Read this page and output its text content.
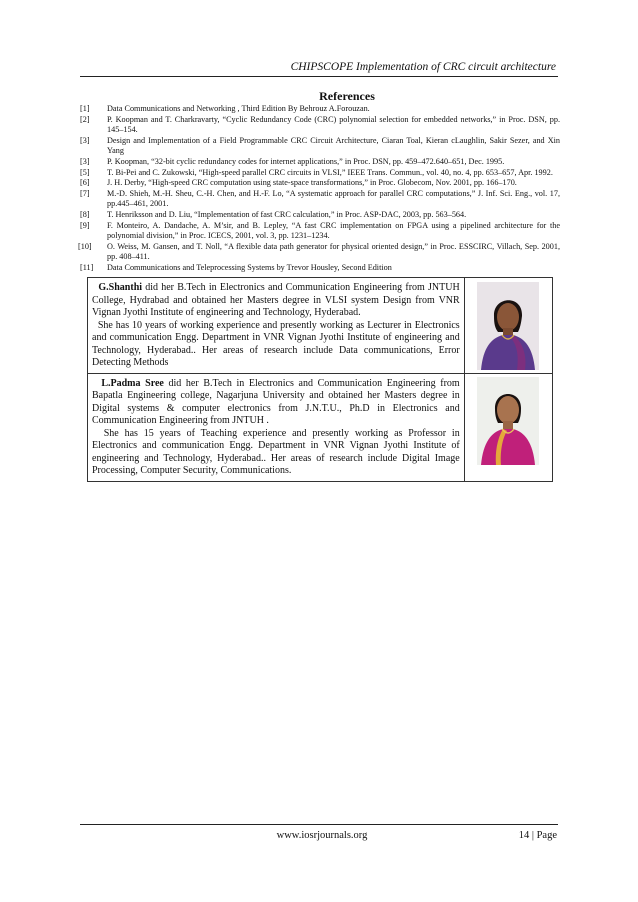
CHIPSCOPE Implementation of CRC circuit architecture
References

[1] Data Communications and Networking , Third Edition By Behrouz A.Forouzan.

[2] P. Koopman and T. Charkravarty, “Cyclic Redundancy Code (CRC) polynomial selection for embedded networks,” in Proc. DSN, pp. 145–154.

[3] Design and Implementation of a Field Programmable CRC Circuit Architecture, Ciaran Toal, Kieran cLaughlin, Sakir Sezer, and Xin Yang

[3] P. Koopman, “32-bit cyclic redundancy codes for internet applications,” in Proc. DSN, pp. 459–472.640–651, Dec. 1995.

[5] T. Bi-Pei and C. Zukowski, “High-speed parallel CRC circuits in VLSI,” IEEE Trans. Commun., vol. 40, no. 4, pp. 653–657, Apr. 1992.

[6] J. H. Derby, “High-speed CRC computation using state-space transformations,” in Proc. Globecom, Nov. 2001, pp. 166–170.

[7] M.-D. Shieh, M.-H. Sheu, C.-H. Chen, and H.-F. Lo, “A systematic approach for parallel CRC computations,” J. Inf. Sci. Eng., vol. 17, pp.445–461, 2001.

[8] T. Henriksson and D. Liu, “Implementation of fast CRC calculation,” in Proc. ASP-DAC, 2003, pp. 563–564.

[9] F. Monteiro, A. Dandache, A. M’sir, and B. Lepley, “A fast CRC implementation on FPGA using a pipelined architecture for the polynomial division,” in Proc. ICECS, 2001, vol. 3, pp. 1231–1234.

[10] O. Weiss, M. Gansen, and T. Noll, “A flexible data path generator for physical oriented design,” in Proc. ESSCIRC, Villach, Sep. 2001, pp. 408–411.

[11] Data Communications and Teleprocessing Systems by Trevor Housley, Second Edition

G.Shanthi did her B.Tech in Electronics and Communication Engineering from JNTUH College, Hydrabad and obtained her Masters degree in VLSI system Design from VNR Vignan Jyothi Institute of engineering and Technology, Hyderabad.

She has 10 years of working experience and presently working as Lecturer in Electronics and communication Engg. Department in VNR Vignan Jyothi Institute of engineering and Technology, Hyderabad.. Her areas of research include Data communications, Error Detecting Methods

L.Padma Sree did her B.Tech in Electronics and Communication Engineering from Bapatla Engineering college, Nagarjuna University and obtained her Masters degree in Digital systems & computer electronics from J.N.T.U., Ph.D in Electronics and Communication Engineering from JNTUH .

She has 15 years of Teaching experience and presently working as Professor in Electronics and communication Engg. Department in VNR Vignan Jyothi Institute of engineering and Technology, Hyderabad.. Her areas of research include Digital Image Processing, Computer Security, Communications.

www.iosrjournals.org	14 | Page
